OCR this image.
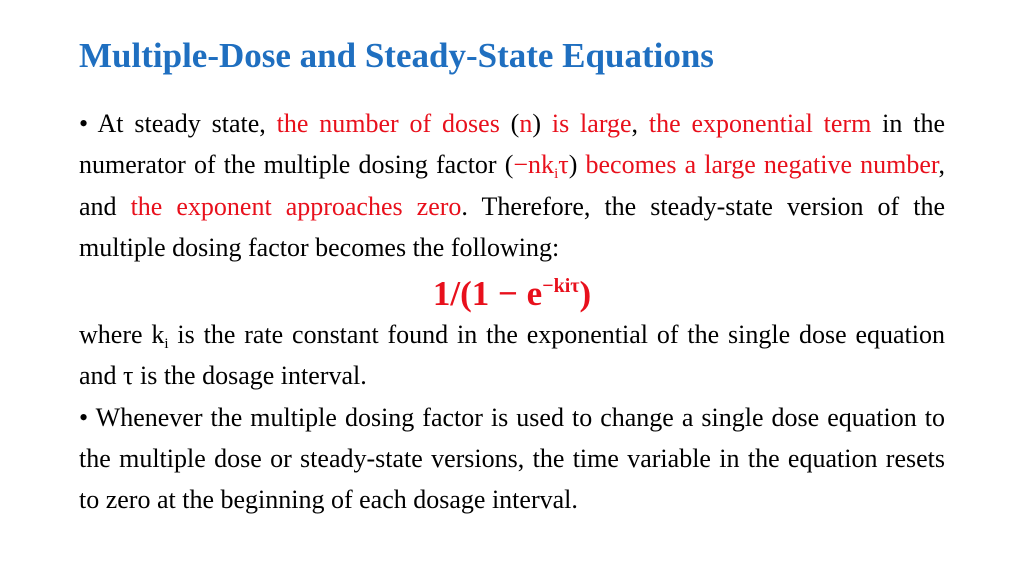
Multiple-Dose and Steady-State Equations

• At steady state, the number of doses (n) is large, the exponential term in the numerator of the multiple dosing factor $(-nk_i\tau)$ becomes a large negative number, and the exponent approaches zero. Therefore, the steady-state version of the multiple dosing factor becomes the following:

$1/(1 - e^{-ki\tau})$

where $k_i$ is the rate constant found in the exponential of the single dose equation and τ is the dosage interval.

• Whenever the multiple dosing factor is used to change a single dose equation to the multiple dose or steady-state versions, the time variable in the equation resets to zero at the beginning of each dosage interval.
